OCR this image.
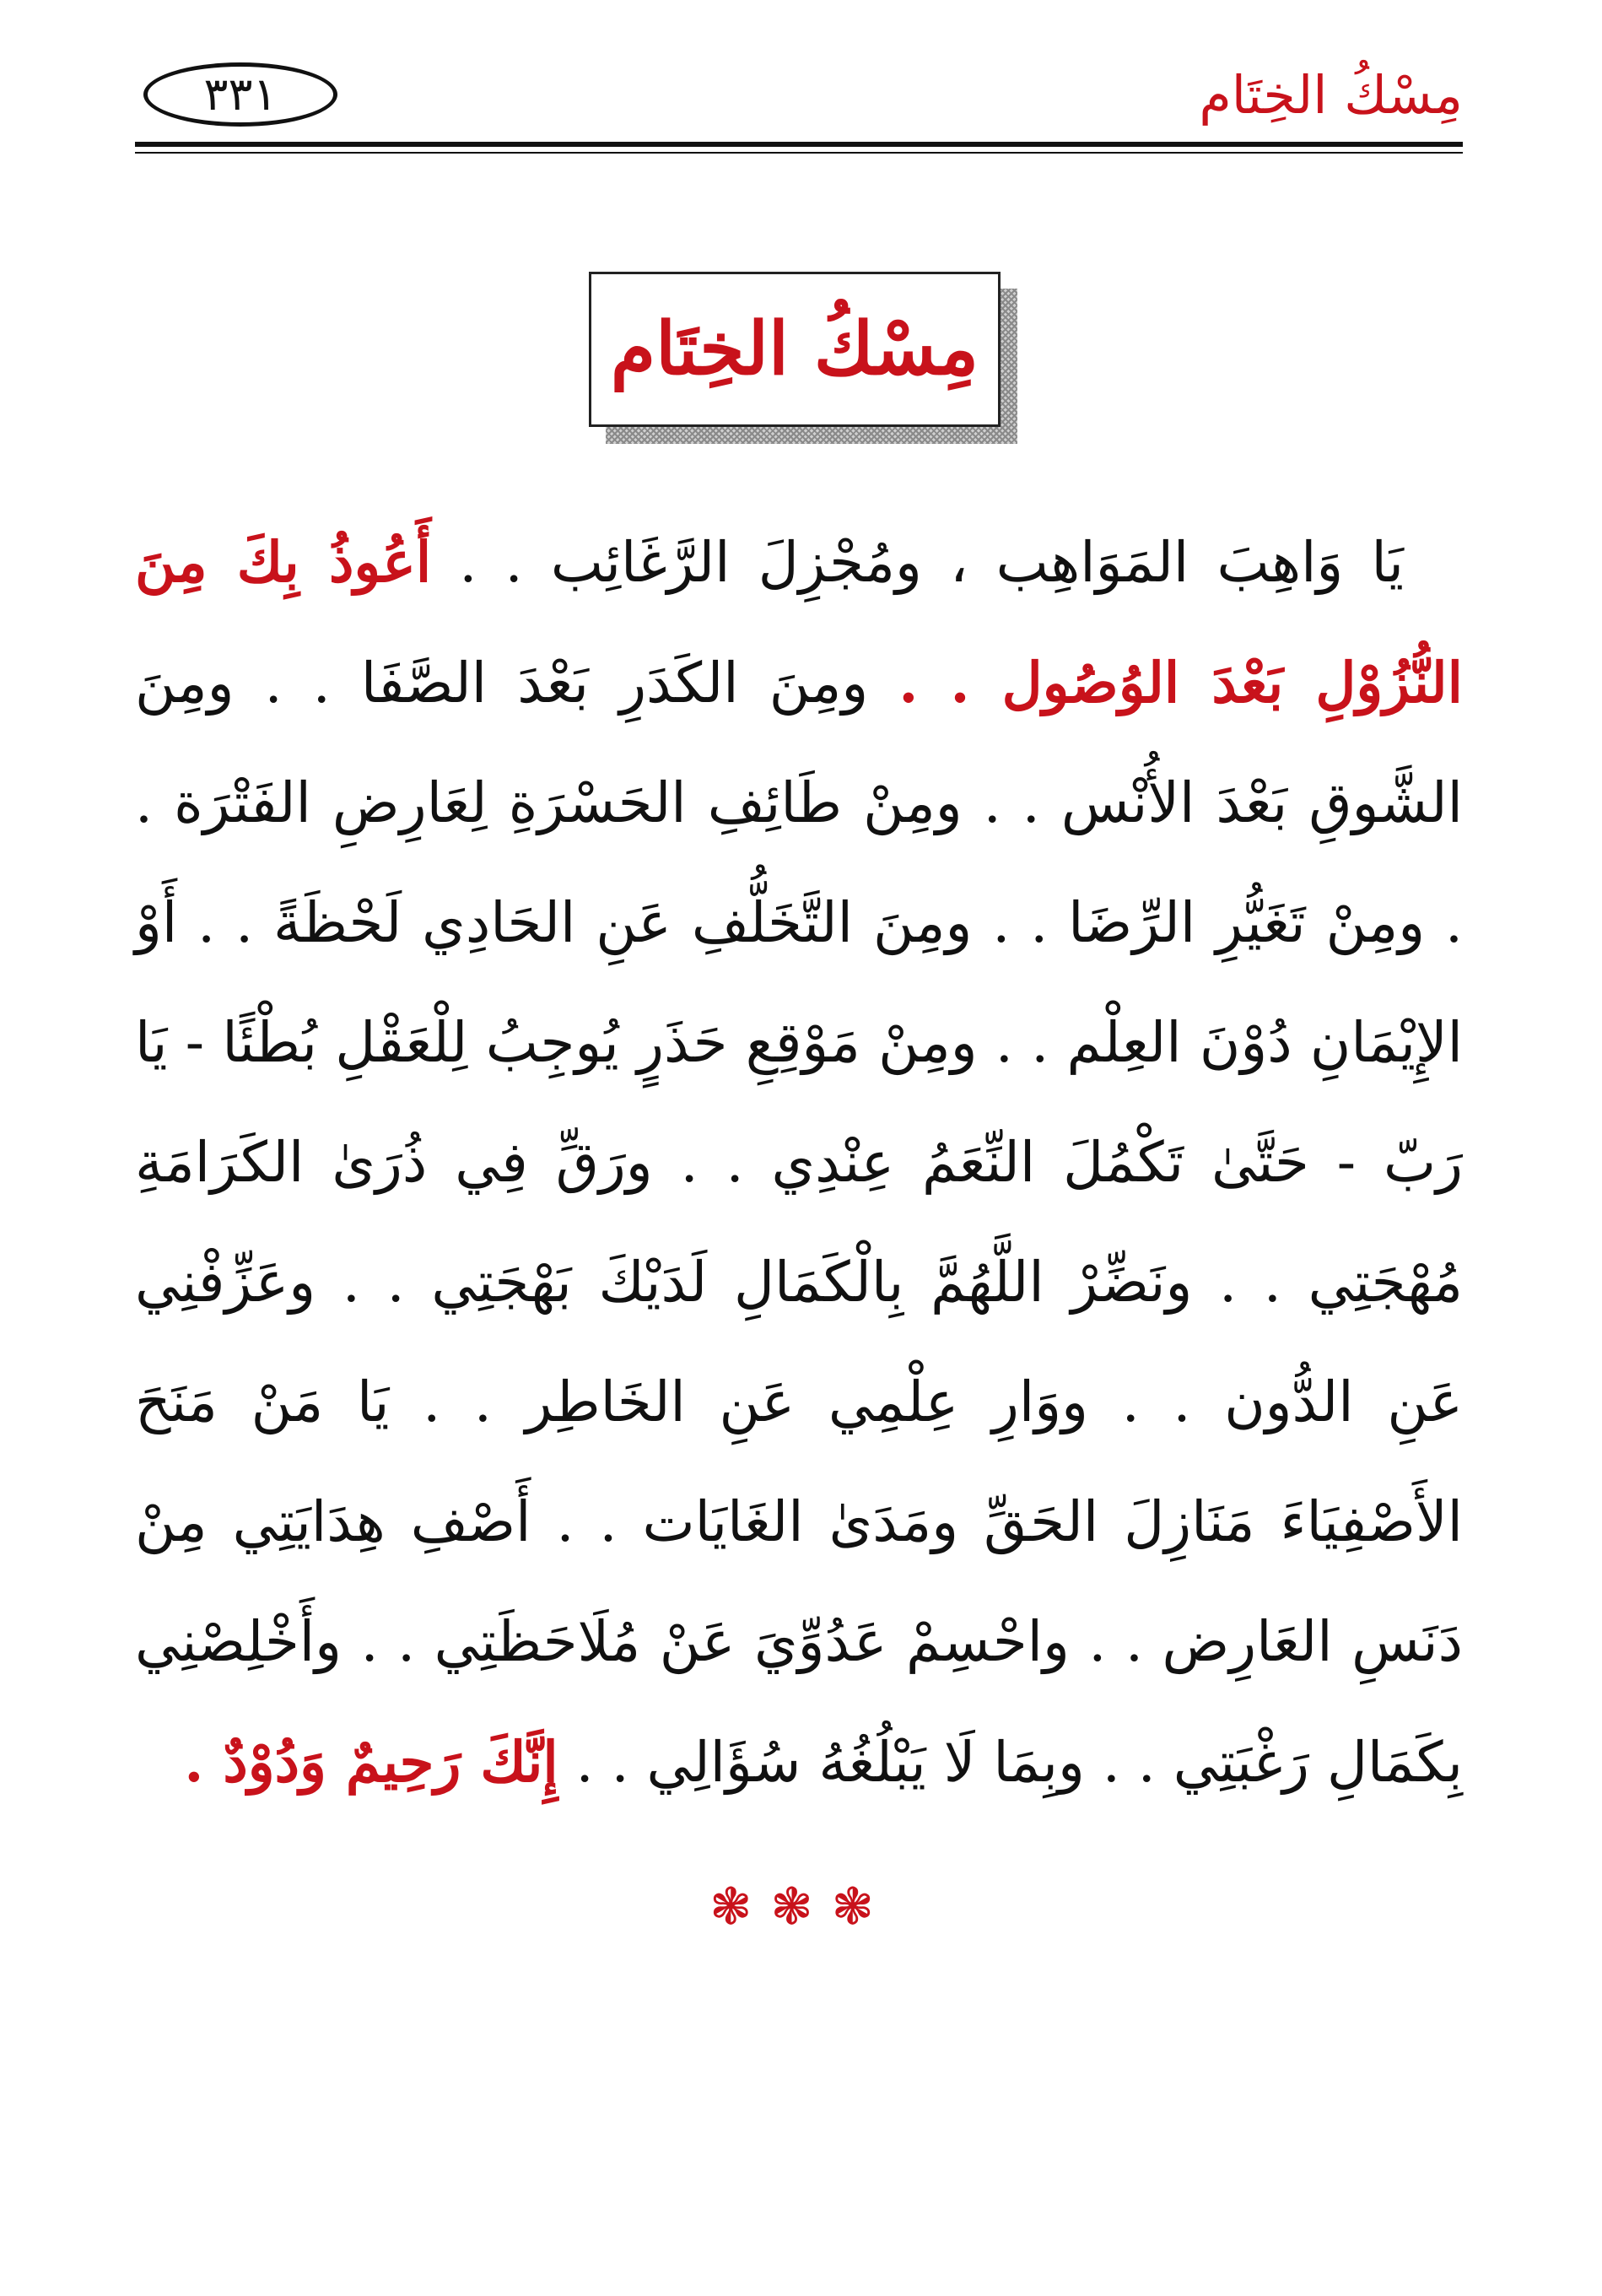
مِسْكُ الخِتَام
٣٣١
مِسْكُ الخِتَام
يَا وَاهِبَ المَوَاهِب ، ومُجْزِلَ الرَّغَائِب . . أَعُوذُ بِكَ مِنَ النُّزُوْلِ بَعْدَ الوُصُول . . ومِنَ الكَدَرِ بَعْدَ الصَّفَا . . ومِنَ الشَّوقِ بَعْدَ الأُنْس . . ومِنْ طَائِفِ الحَسْرَةِ لِعَارِضِ الفَتْرَة . . ومِنْ تَغَيُّرِ الرِّضَا . . ومِنَ التَّخَلُّفِ عَنِ الحَادِي لَحْظَةً . . أَوْ الإِيْمَانِ دُوْنَ العِلْم . . ومِنْ مَوْقِعِ حَذَرٍ يُوجِبُ لِلْعَقْلِ بُطْئًا - يَا رَبّ - حَتَّىٰ تَكْمُلَ النِّعَمُ عِنْدِي . . ورَقِّ فِي ذُرَىٰ الكَرَامَةِ مُهْجَتِي . . ونَضِّرْ اللَّهُمَّ بِالْكَمَالِ لَدَيْكَ بَهْجَتِي . . وعَزِّفْنِي عَنِ الدُّون . . ووَارِ عِلْمِي عَنِ الخَاطِر . . يَا مَنْ مَنَحَ الأَصْفِيَاءَ مَنَازِلَ الحَقِّ ومَدَىٰ الغَايَات . . أَصْفِ هِدَايَتِي مِنْ دَنَسِ العَارِض . . واحْسِمْ عَدُوِّيَ عَنْ مُلَاحَظَتِي . . وأَخْلِصْنِي بِكَمَالِ رَغْبَتِي . . وبِمَا لَا يَبْلُغُهُ سُؤَالِي . . إِنَّكَ رَحِيمٌ وَدُوْدٌ .
❃❃❃
